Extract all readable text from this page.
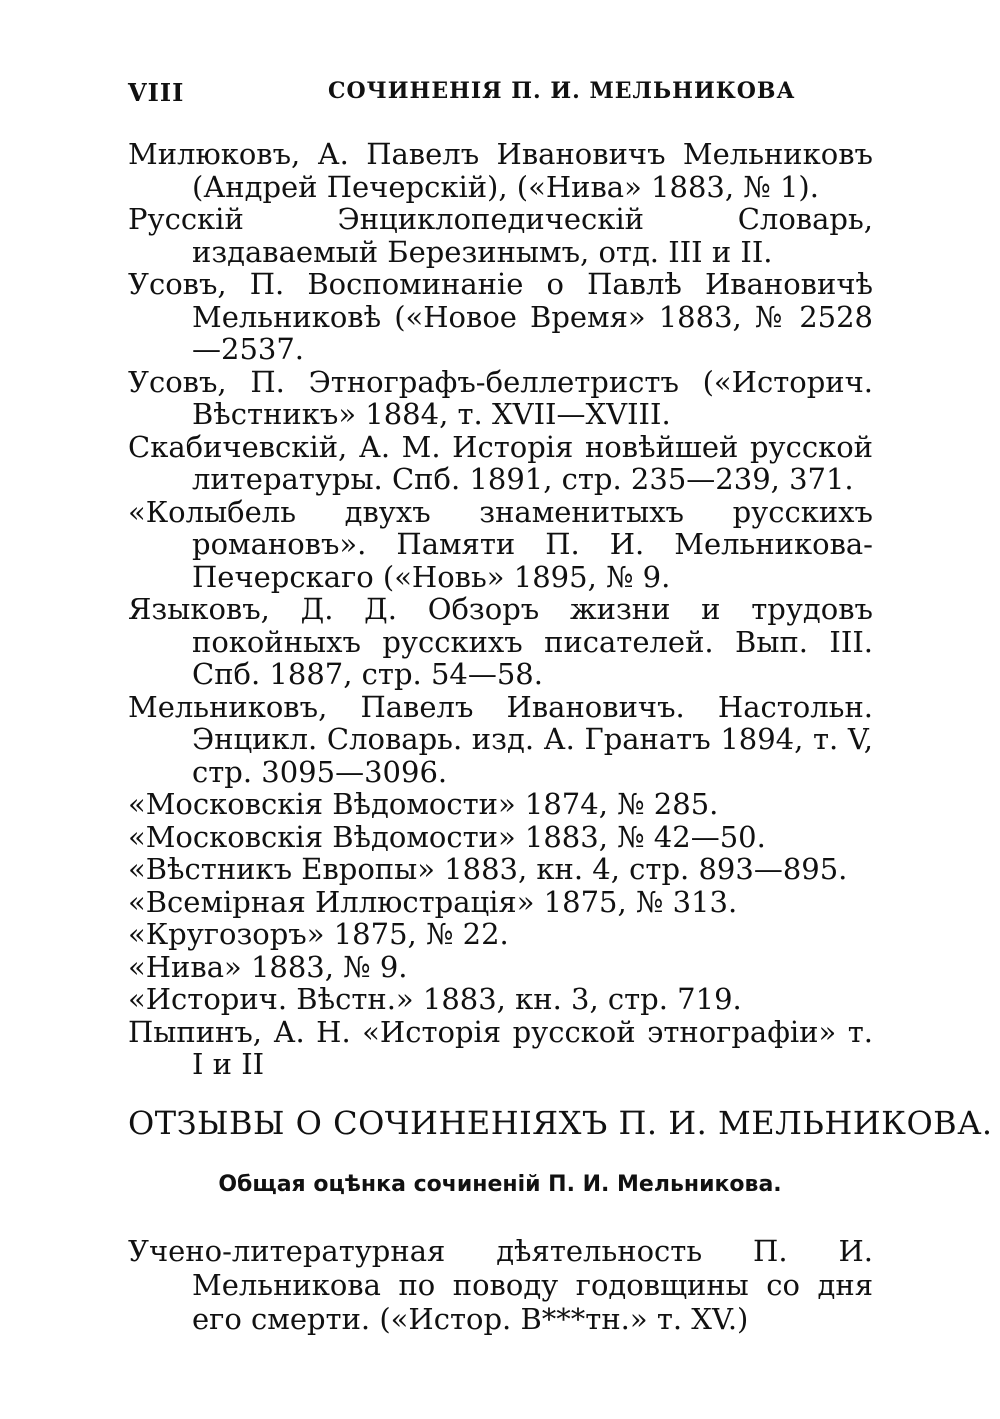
VIII	СОЧИНЕНІЯ П. И. МЕЛЬНИКОВА

Милюковъ, А. Павелъ Ивановичъ Мельниковъ (Андрей Печерскій), («Нива» 1883, № 1).

Русскій Энциклопедическій Словарь, издаваемый Березинымъ, отд. III и II.

Усовъ, П. Воспоминаніе о Павлѣ Ивановичѣ Мельниковѣ («Новое Время» 1883, № 2528—2537.

Усовъ, П. Этнографъ-беллетристъ («Историч. Вѣстникъ» 1884, т. XVII—XVIII.

Скабичевскій, А. М. Исторія новѣйшей русской литературы. Спб. 1891, стр. 235—239, 371.

«Колыбель двухъ знаменитыхъ русскихъ романовъ». Памяти П. И. Мельникова-Печерскаго («Новь» 1895, № 9.

Языковъ, Д. Д. Обзоръ жизни и трудовъ покойныхъ русскихъ писателей. Вып. III. Спб. 1887, стр. 54—58.

Мельниковъ, Павелъ Ивановичъ. Настольн. Энцикл. Словарь. изд. А. Гранатъ 1894, т. V, стр. 3095—3096.

«Московскія Вѣдомости» 1874, № 285.

«Московскія Вѣдомости» 1883, № 42—50.

«Вѣстникъ Европы» 1883, кн. 4, стр. 893—895.

«Всемірная Иллюстрація» 1875, № 313.

«Кругозоръ» 1875, № 22.

«Нива» 1883, № 9.

«Историч. Вѣстн.» 1883, кн. 3, стр. 719.

Пыпинъ, А. Н. «Исторія русской этнографіи» т. I и II

ОТЗЫВЫ О СОЧИНЕНІЯХЪ П. И. МЕЛЬНИКОВА.
Общая оцѣнка сочиненій П. И. Мельникова.

Учено-литературная дѣятельность П. И. Мельникова по поводу годовщины со дня его смерти. («Истор. В***тн.» т. XV.)
